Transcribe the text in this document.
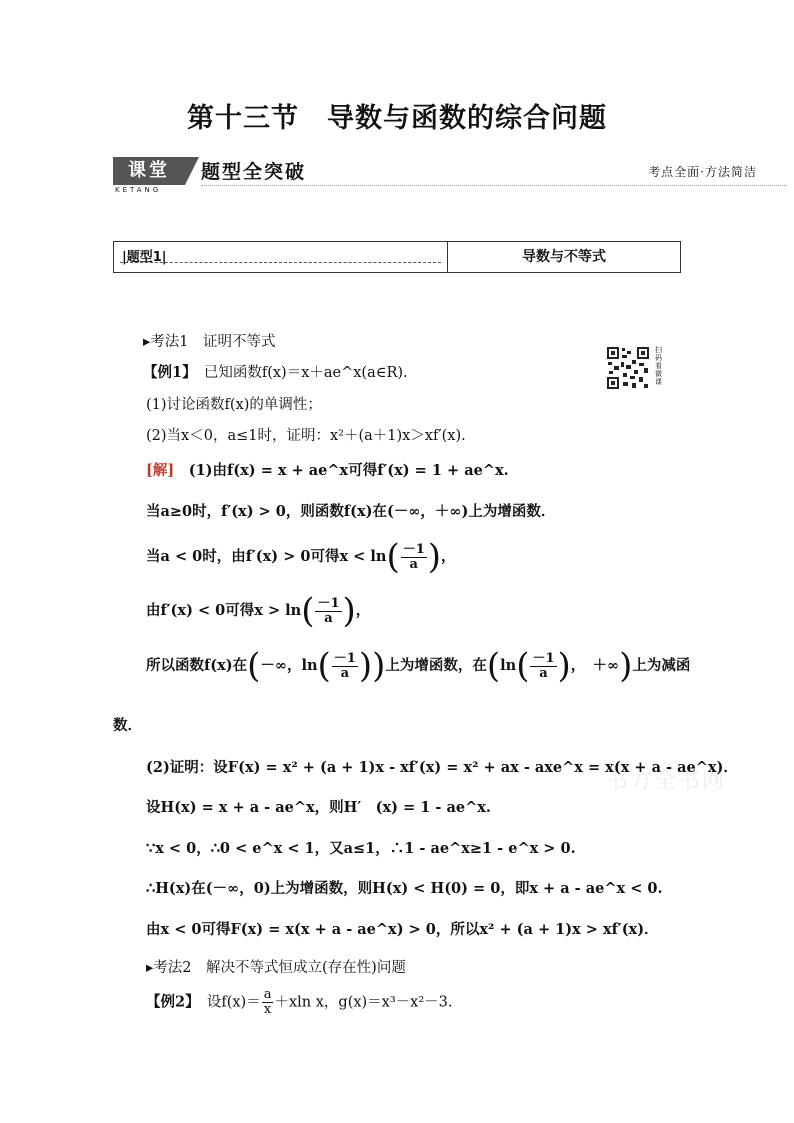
第十三节　导数与函数的综合问题
课堂
KETANG
题型全突破	考点全面·方法简洁
|题型1|	导数与不等式
扫码看微课
书方全书网
▸考法1　证明不等式
【例1】　已知函数f(x)＝x＋ae^x(a∈R).
(1)讨论函数f(x)的单调性；
(2)当x＜0，a≤1时，证明：x²＋(a＋1)x＞xf′(x).
[解]　(1)由f(x) = x + ae^x可得f′(x) = 1 + ae^x.
当a≥0时，f′(x) > 0，则函数f(x)在(－∞，＋∞)上为增函数．
当a < 0时，由f′(x) > 0可得$x < \ln( \frac{-1}{a}$ )，
由f′(x) < 0可得$x > \ln( \frac{-1}{a}$ )，
所以函数f(x)在(－∞，$\ln( \frac{-1}{a}$ ))上为增函数，在($\ln( \frac{-1}{a}$ )，　＋∞)上为减函
数．
(2)证明：设F(x) = x² + (a + 1)x - xf′(x) = x² + ax - axe^x = x(x + a - ae^x)．
设H(x) = x + a - ae^x，则H′　(x) = 1 - ae^x.
∵x < 0，∴0 < e^x < 1，又a≤1，∴1 - ae^x≥1 - e^x > 0.
∴H(x)在(－∞，0)上为增函数，则H(x) < H(0) = 0，即x + a - ae^x < 0.
由x < 0可得F(x) = x(x + a - ae^x) > 0，所以x² + (a + 1)x > xf′(x)．
▸考法2　解决不等式恒成立(存在性)问题
【例2】　设$f(x)= \frac{a}{x} +xln$ x，g(x)＝x³－x²－3.
